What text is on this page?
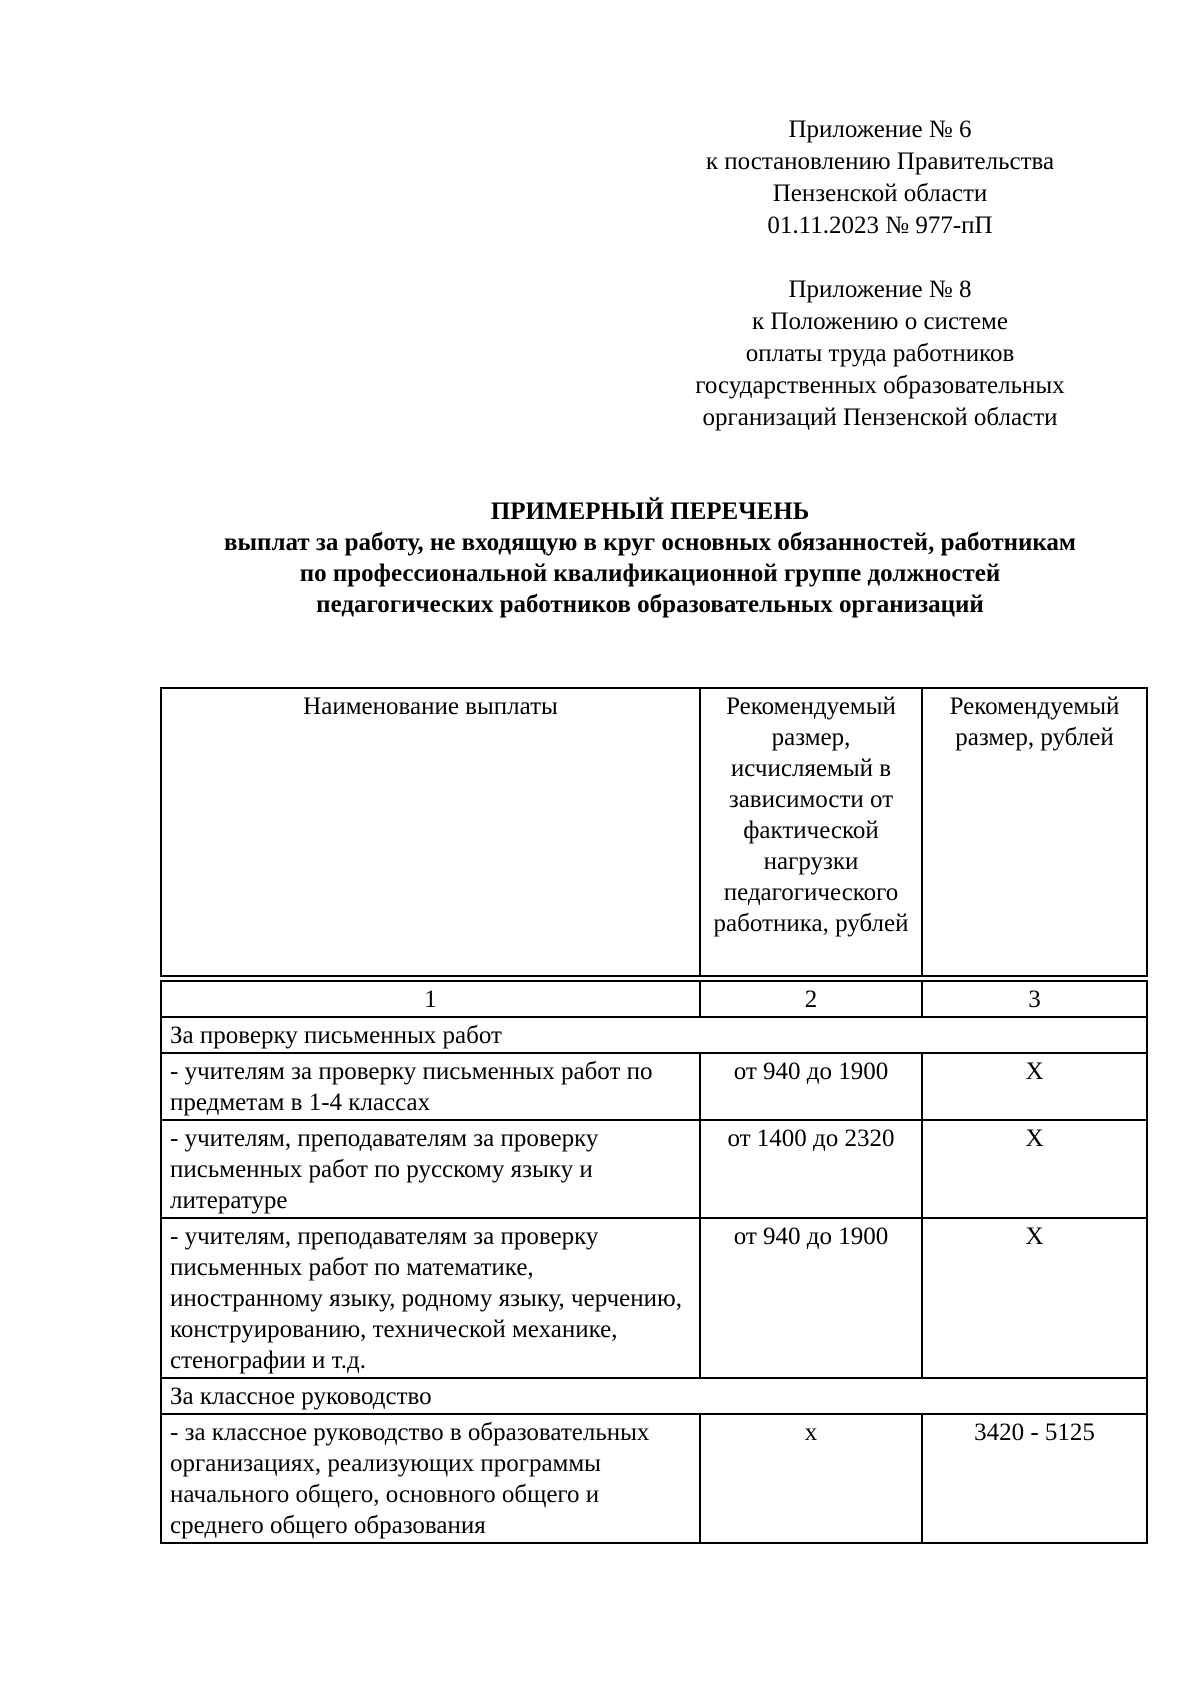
Приложение № 6
к постановлению Правительства
Пензенской области
01.11.2023 № 977-пП
Приложение № 8
к Положению о системе
оплаты труда работников
государственных образовательных
организаций Пензенской области
ПРИМЕРНЫЙ ПЕРЕЧЕНЬ
выплат за работу, не входящую в круг основных обязанностей, работникам
по профессиональной квалификационной группе должностей
педагогических работников образовательных организаций
Наименование выплаты	Рекомендуемый размер, исчисляемый в зависимости от фактической нагрузки педагогического работника, рублей	Рекомендуемый размер, рублей
1	2	3
За проверку письменных работ		
- учителям за проверку письменных работ по предметам в 1-4 классах	от 940 до 1900	Х
- учителям, преподавателям за проверку письменных работ по русскому языку и литературе	от 1400 до 2320	Х
- учителям, преподавателям за проверку письменных работ по математике, иностранному языку, родному языку, черчению, конструированию, технической механике, стенографии и т.д.	от 940 до 1900	Х
За классное руководство		
- за классное руководство в образовательных организациях, реализующих программы начального общего, основного общего и среднего общего образования	х	3420 - 5125
